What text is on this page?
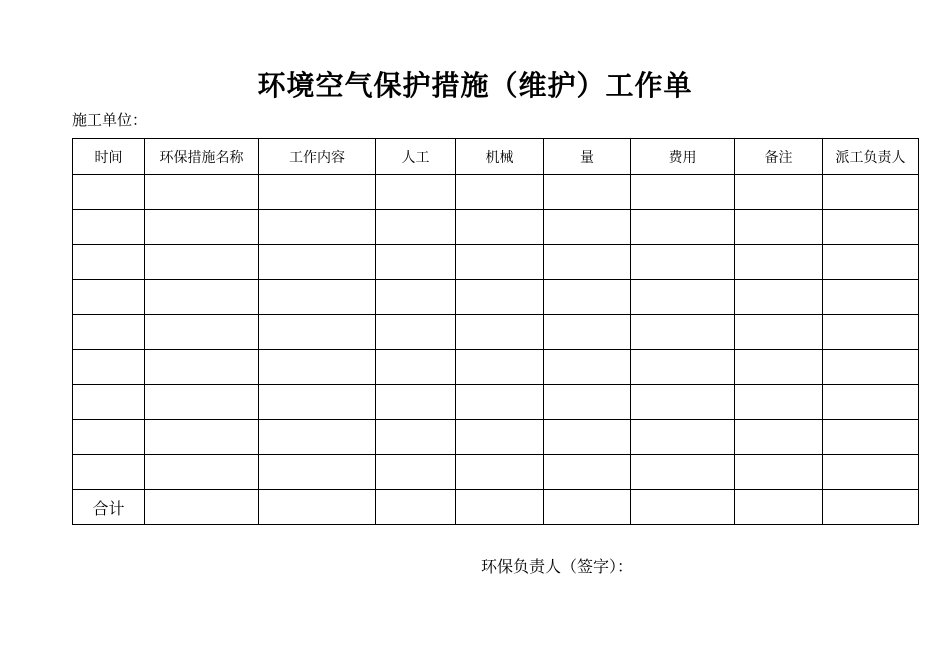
环境空气保护措施（维护）工作单
施工单位：
时间	环保措施名称	工作内容	人工	机械	量	费用	备注	派工负责人

合计								
环保负责人（签字）：
